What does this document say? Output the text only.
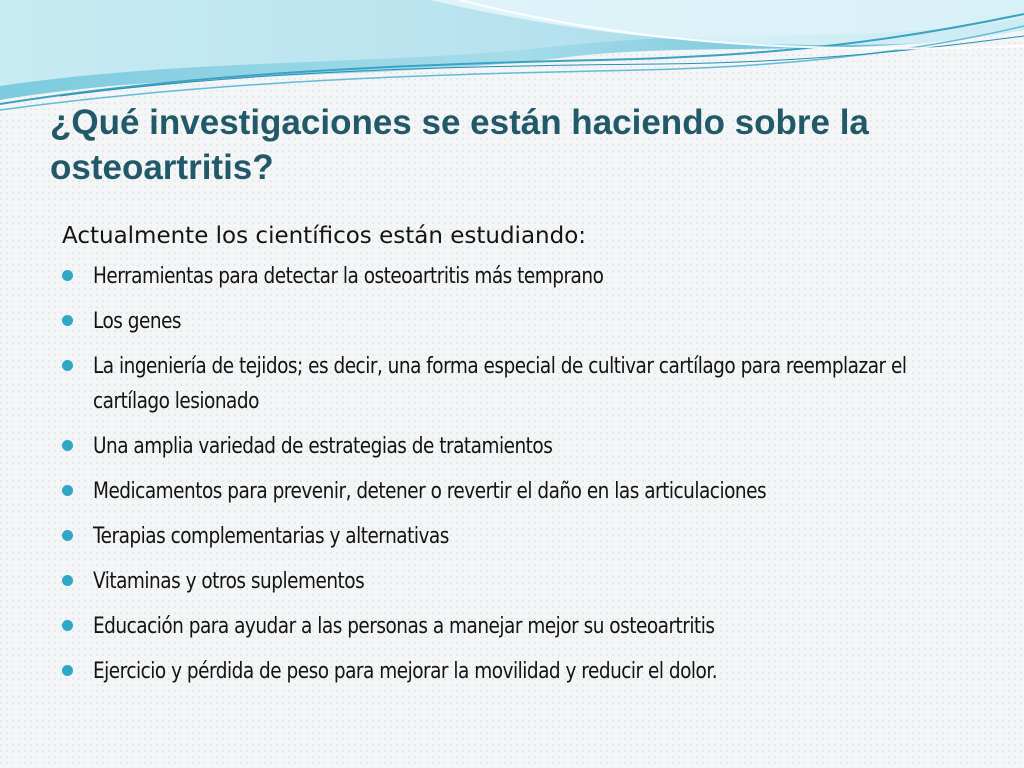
¿Qué investigaciones se están haciendo sobre la osteoartritis?

Actualmente los científicos están estudiando:

Herramientas para detectar la osteoartritis más temprano
Los genes
La ingeniería de tejidos; es decir, una forma especial de cultivar cartílago para reemplazar el cartílago lesionado
Una amplia variedad de estrategias de tratamientos
Medicamentos para prevenir, detener o revertir el daño en las articulaciones
Terapias complementarias y alternativas
Vitaminas y otros suplementos
Educación para ayudar a las personas a manejar mejor su osteoartritis
Ejercicio y pérdida de peso para mejorar la movilidad y reducir el dolor.
